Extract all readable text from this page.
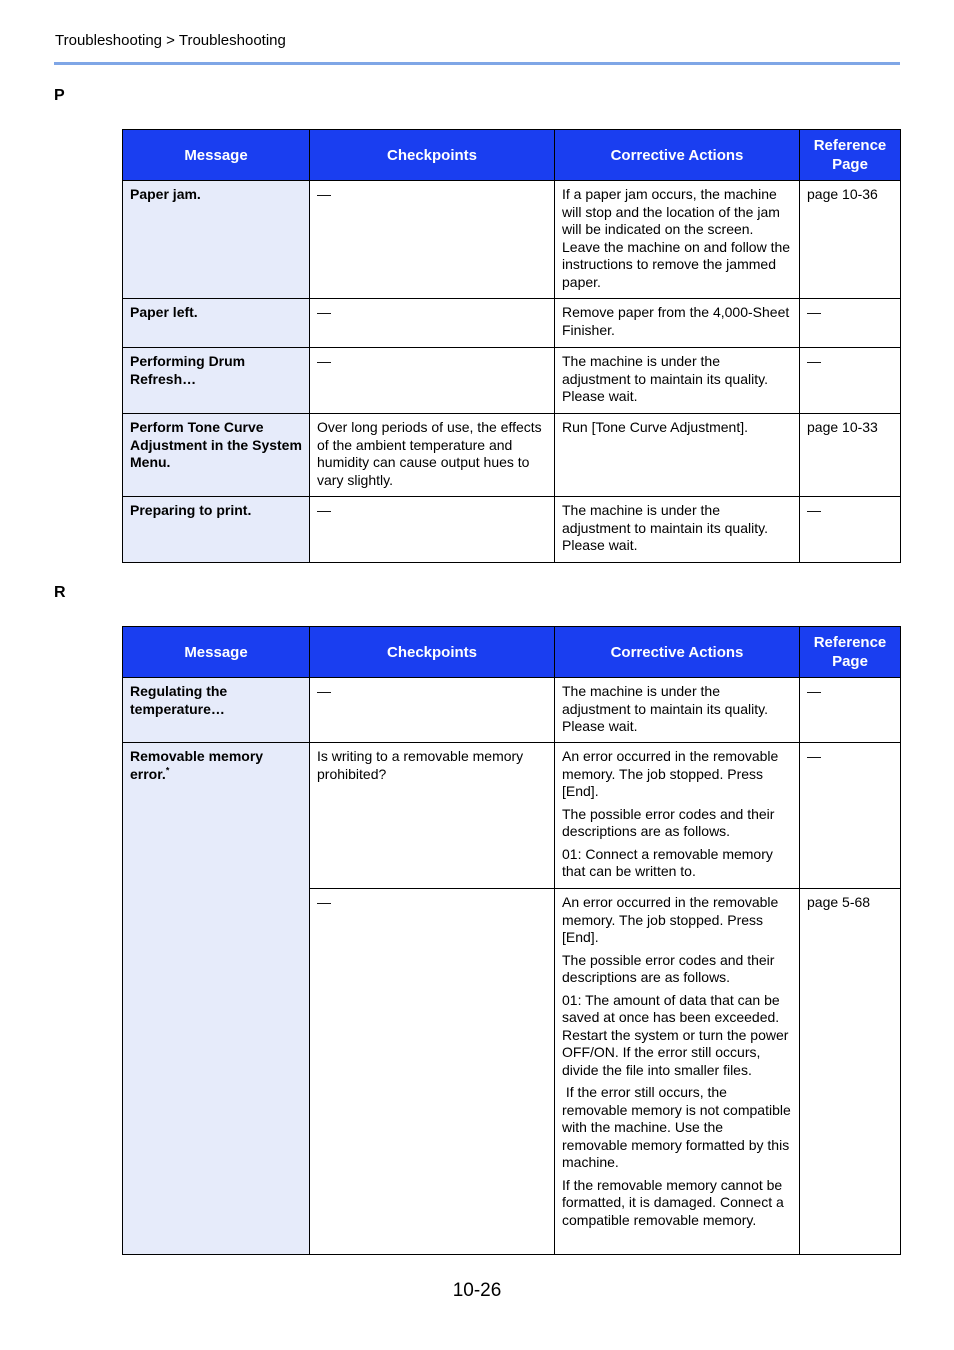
Troubleshooting > Troubleshooting
P
Message	Checkpoints	Corrective Actions	Reference
Page
Paper jam.	—	If a paper jam occurs, the machine will stop and the location of the jam will be indicated on the screen. Leave the machine on and follow the instructions to remove the jammed paper.	page 10-36
Paper left.	—	Remove paper from the 4,000-Sheet Finisher.	—
Performing Drum Refresh…	—	The machine is under the adjustment to maintain its quality. Please wait.	—
Perform Tone Curve Adjustment in the System Menu.	Over long periods of use, the effects of the ambient temperature and humidity can cause output hues to vary slightly.	Run [Tone Curve Adjustment].	page 10-33
Preparing to print.	—	The machine is under the adjustment to maintain its quality. Please wait.	—
R
Message	Checkpoints	Corrective Actions	Reference
Page
Regulating the temperature…	—	The machine is under the adjustment to maintain its quality. Please wait.	—
Removable memory error.*	Is writing to a removable memory prohibited?	An error occurred in the removable memory. The job stopped. Press [End].

The possible error codes and their descriptions are as follows.

01: Connect a removable memory that can be written to.	—
	—	An error occurred in the removable memory. The job stopped. Press [End].

The possible error codes and their descriptions are as follows.

01: The amount of data that can be saved at once has been exceeded. Restart the system or turn the power OFF/ON. If the error still occurs, divide the file into smaller files.

If the error still occurs, the removable memory is not compatible with the machine. Use the removable memory formatted by this machine.

If the removable memory cannot be formatted, it is damaged. Connect a compatible removable memory.	page 5-68
10-26
